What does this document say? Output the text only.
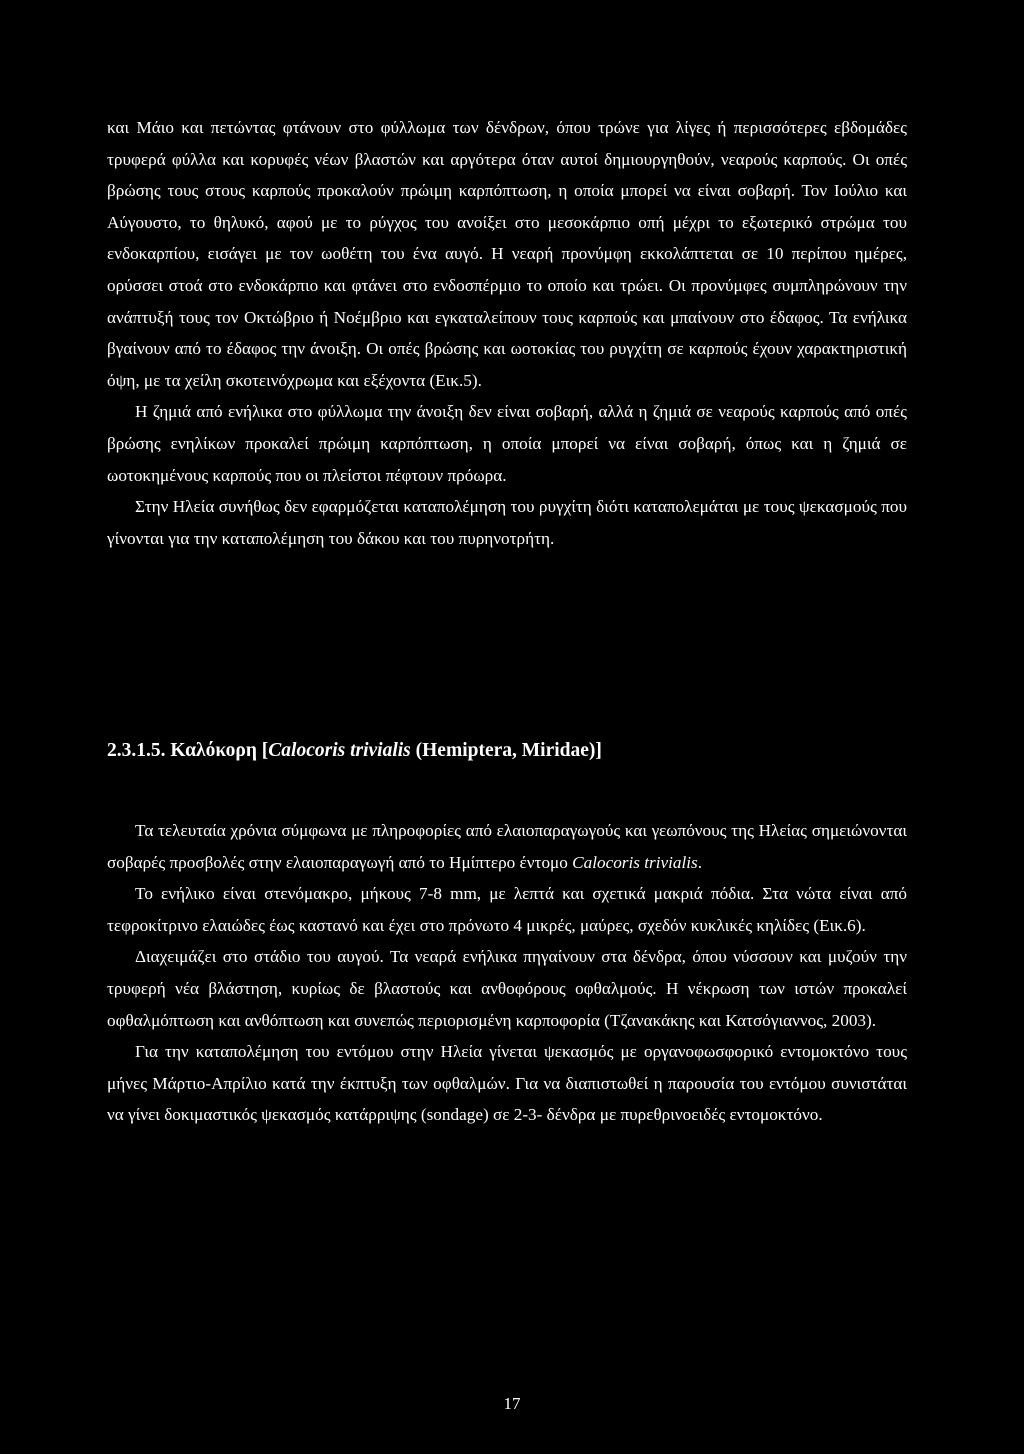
και Μάιο και πετώντας φτάνουν στο φύλλωμα των δένδρων, όπου τρώνε για λίγες ή περισσότερες εβδομάδες τρυφερά φύλλα και κορυφές νέων βλαστών και αργότερα όταν αυτοί δημιουργηθούν, νεαρούς καρπούς. Οι οπές βρώσης τους στους καρπούς προκαλούν πρώιμη καρπόπτωση, η οποία μπορεί να είναι σοβαρή. Τον Ιούλιο και Αύγουστο, το θηλυκό, αφού με το ρύγχος του ανοίξει στο μεσοκάρπιο οπή μέχρι το εξωτερικό στρώμα του ενδοκαρπίου, εισάγει με τον ωοθέτη του ένα αυγό. Η νεαρή προνύμφη εκκολάπτεται σε 10 περίπου ημέρες, ορύσσει στοά στο ενδοκάρπιο και φτάνει στο ενδοσπέρμιο το οποίο και τρώει. Οι προνύμφες συμπληρώνουν την ανάπτυξή τους τον Οκτώβριο ή Νοέμβριο και εγκαταλείπουν τους καρπούς και μπαίνουν στο έδαφος. Τα ενήλικα βγαίνουν από το έδαφος την άνοιξη. Οι οπές βρώσης και ωοτοκίας του ρυγχίτη σε καρπούς έχουν χαρακτηριστική όψη, με τα χείλη σκοτεινόχρωμα και εξέχοντα (Εικ.5).

Η ζημιά από ενήλικα στο φύλλωμα την άνοιξη δεν είναι σοβαρή, αλλά η ζημιά σε νεαρούς καρπούς από οπές βρώσης ενηλίκων προκαλεί πρώιμη καρπόπτωση, η οποία μπορεί να είναι σοβαρή, όπως και η ζημιά σε ωοτοκημένους καρπούς που οι πλείστοι πέφτουν πρόωρα.

Στην Ηλεία συνήθως δεν εφαρμόζεται καταπολέμηση του ρυγχίτη διότι καταπολεμάται με τους ψεκασμούς που γίνονται για την καταπολέμηση του δάκου και του πυρηνοτρήτη.

2.3.1.5. Καλόκορη [Calocoris trivialis (Hemiptera, Miridae)]

Τα τελευταία χρόνια σύμφωνα με πληροφορίες από ελαιοπαραγωγούς και γεωπόνους της Ηλείας σημειώνονται σοβαρές προσβολές στην ελαιοπαραγωγή από το Ημίπτερο έντομο Calocoris trivialis.

Το ενήλικο είναι στενόμακρο, μήκους 7-8 mm, με λεπτά και σχετικά μακριά πόδια. Στα νώτα είναι από τεφροκίτρινο ελαιώδες έως καστανό και έχει στο πρόνωτο 4 μικρές, μαύρες, σχεδόν κυκλικές κηλίδες (Εικ.6).

Διαχειμάζει στο στάδιο του αυγού. Τα νεαρά ενήλικα πηγαίνουν στα δένδρα, όπου νύσσουν και μυζούν την τρυφερή νέα βλάστηση, κυρίως δε βλαστούς και ανθοφόρους οφθαλμούς. Η νέκρωση των ιστών προκαλεί οφθαλμόπτωση και ανθόπτωση και συνεπώς περιορισμένη καρποφορία (Τζανακάκης και Κατσόγιαννος, 2003).

Για την καταπολέμηση του εντόμου στην Ηλεία γίνεται ψεκασμός με οργανοφωσφορικό εντομοκτόνο τους μήνες Μάρτιο-Απρίλιο κατά την έκπτυξη των οφθαλμών. Για να διαπιστωθεί η παρουσία του εντόμου συνιστάται να γίνει δοκιμαστικός ψεκασμός κατάρριψης (sondage) σε 2-3- δένδρα με πυρεθρινοειδές εντομοκτόνο.

17
